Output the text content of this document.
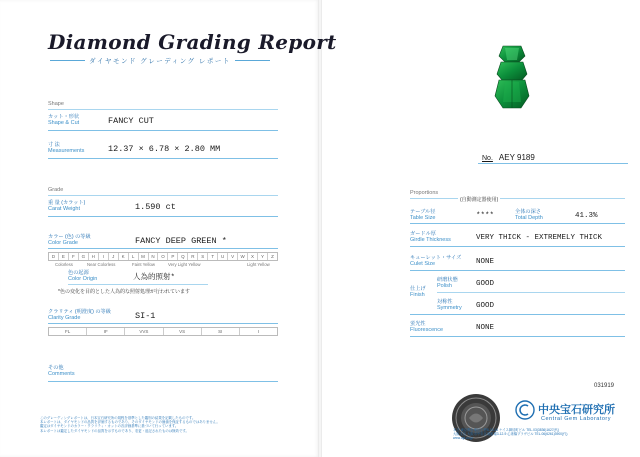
Diamond Grading Report
ダイヤモンド グレーディング レポート
Shape
カット・形状
Shape & Cut	FANCY CUT
寸 法
Measurements	12.37 × 6.78 × 2.80 MM
Grade
重 量 (カラット)
Carat Weight	1.590 ct
カラー (色) の等級
Color Grade	FANCY DEEP GREEN *
D	E	F	G	H	I	J	K	L	M	N	O	P	Q	R	S	T	U	V	W	X	Y	Z
Colorless	Near Colorless	Faint Yellow	Very Light Yellow	Light Yellow
色の起源
Color Origin	人為的照射*
*色の変化を目的とした人為的な照射処理が行われています
クラリティ (明澄度) の等級
Clarity Grade	SI-1
FL	IF	VVS	VS	SI	I
その他
Comments
このグレーディングレポートは、日本宝石研究所の規程を基準とした鑑別の結果を記載したものです。
本レポートは、ダイヤモンドの品質を評価するものであり、そのダイヤモンドの価値を保証するものではありません。
鑑定はダイヤモンドのカラー・クラリティ・カットの各評価基準に基づいて行っています。
本レポートは鑑定したダイヤモンドの品質を示すものであり、変更・追記されたものは無効です。
No. AEY 9189
Proportions
(自動測定器使用)
テーブル径
Table Size	****	全体の深さ
Total Depth	41.3%
ガードル厚
Girdle Thickness	VERY THICK - EXTREMELY THICK
キューレット・サイズ
Culet Size	NONE
仕上げ
Finish
研磨状態
Polish	GOOD
対称性
Symmetry GOOD
蛍光性
Fluorescence	NONE
031919
中央宝石研究所
Central Gem Laboratory
本社 東京都台東区上野5-15-14 ナイス御徒町ビル TEL.03(3836)1627(代)
大阪支店 大阪市中央区南船場3-12-9 心斎橋プラザビル TEL.06(6261)3900(代)
www.cgl.co.jp
